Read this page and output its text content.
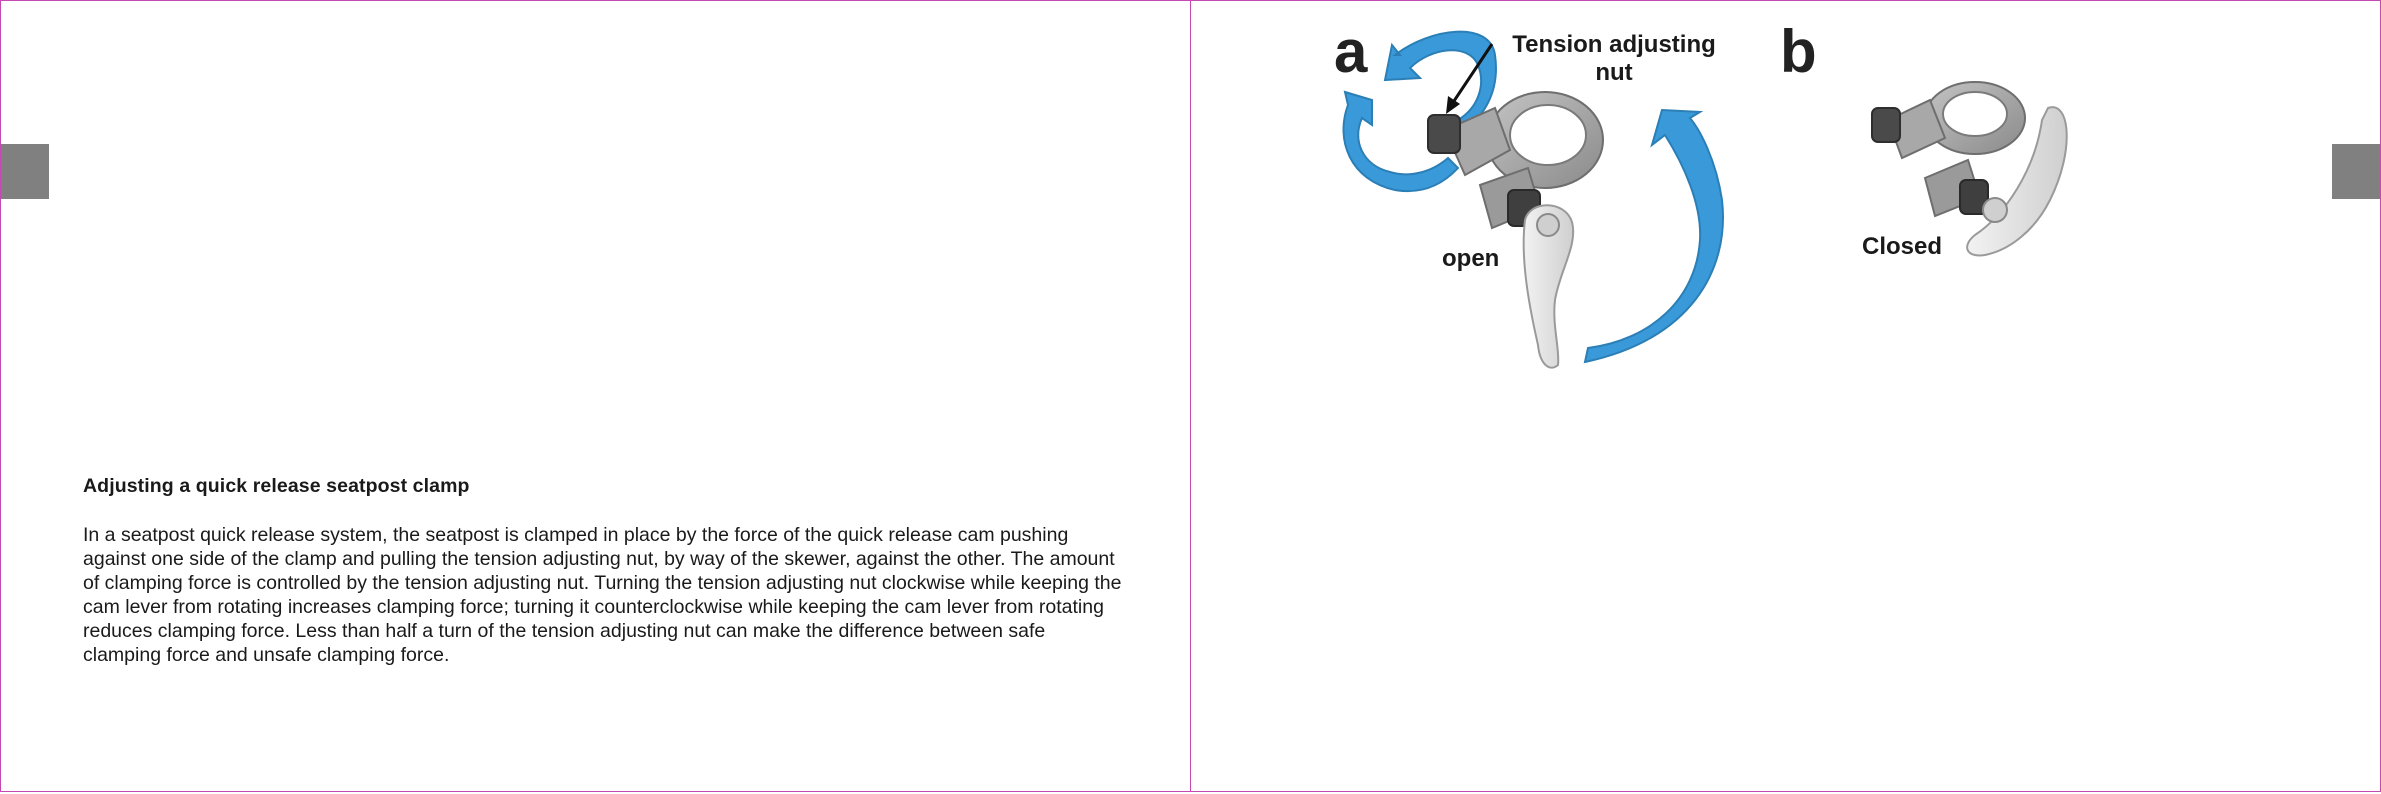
Adjusting a quick release seatpost clamp
In a seatpost quick release system, the seatpost is clamped in place by the force of the quick release cam pushing against one side of the clamp and pulling the tension adjusting nut, by way of the skewer, against the other. The amount of clamping force is controlled by the tension adjusting nut. Turning the tension adjusting nut clockwise while keeping the cam lever from rotating increases clamping force; turning it counterclockwise while keeping the cam lever from rotating reduces clamping force. Less than half a turn of the tension adjusting nut can make the difference between safe clamping force and unsafe clamping force.
a	b
Tension adjusting
nut
open	Closed
